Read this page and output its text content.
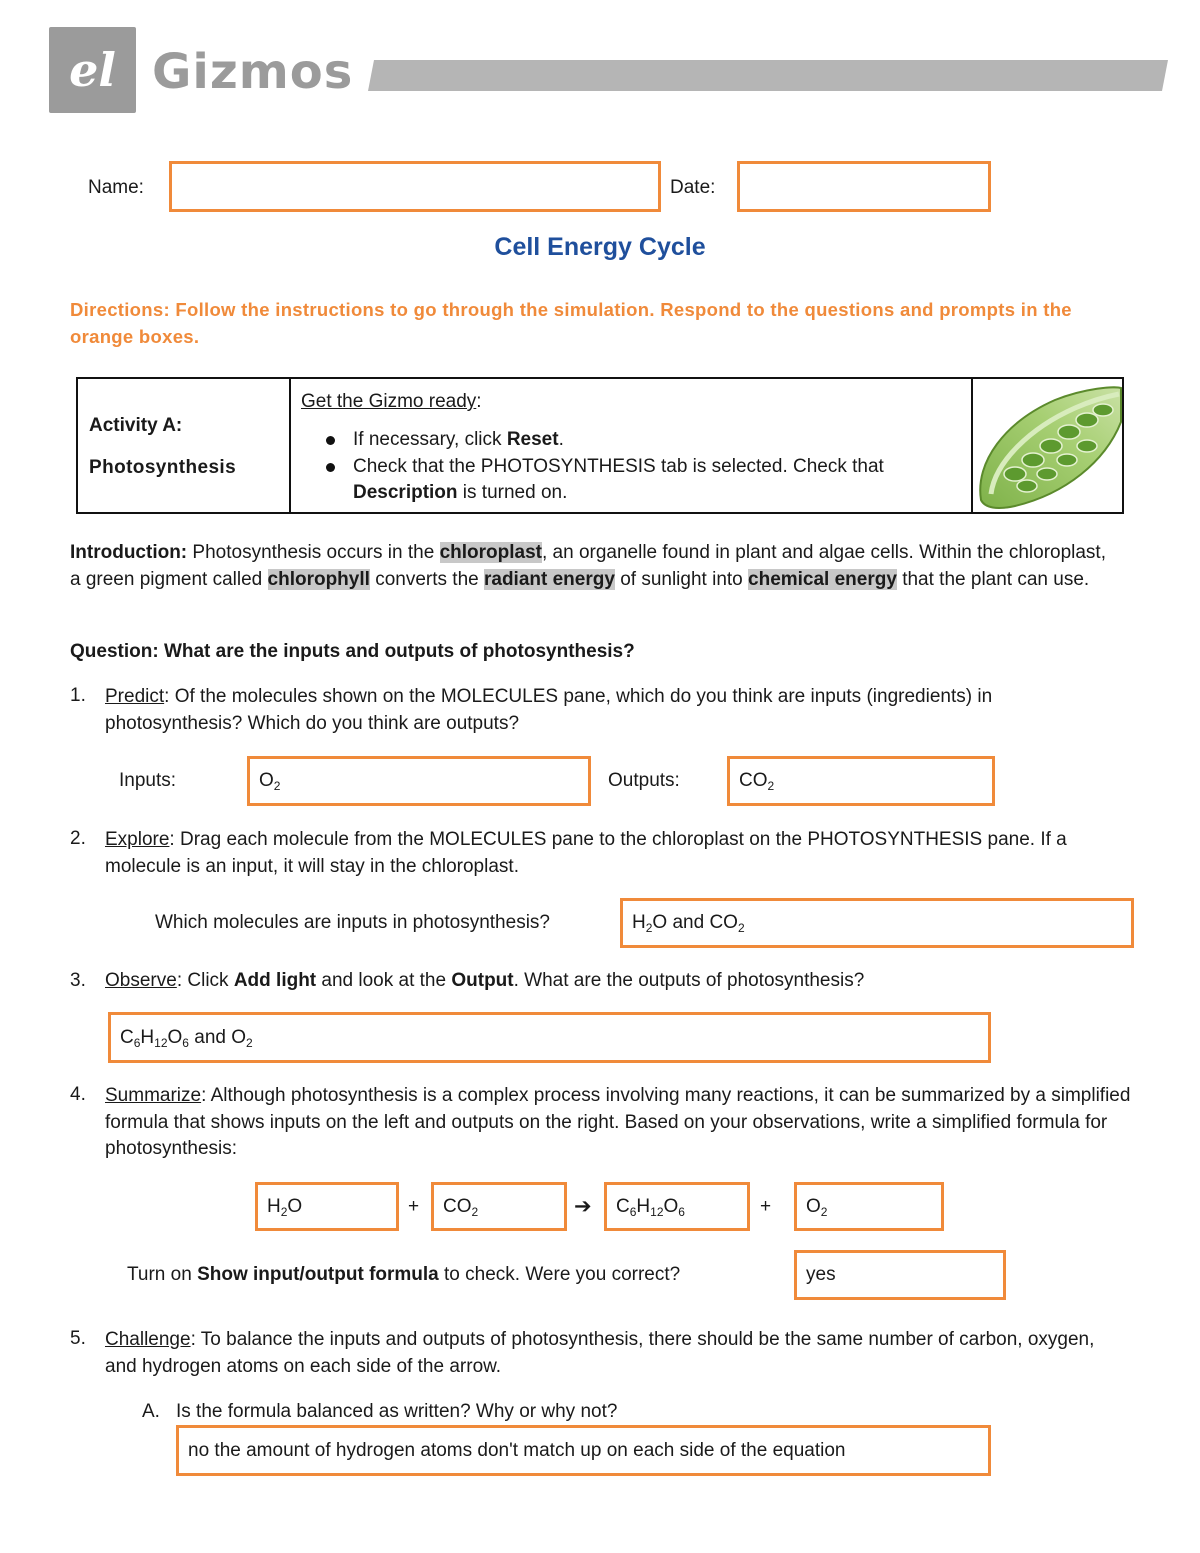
el Gizmos
Name:	Date:
Cell Energy Cycle
Directions: Follow the instructions to go through the simulation. Respond to the questions and prompts in the orange boxes.
Activity A:
Photosynthesis
Get the Gizmo ready:
If necessary, click Reset.
Check that the PHOTOSYNTHESIS tab is selected. Check that
Description is turned on.
Introduction: Photosynthesis occurs in the chloroplast, an organelle found in plant and algae cells. Within the chloroplast, a green pigment called chlorophyll converts the radiant energy of sunlight into chemical energy that the plant can use.
Question: What are the inputs and outputs of photosynthesis?
1. Predict: Of the molecules shown on the MOLECULES pane, which do you think are inputs (ingredients) in photosynthesis? Which do you think are outputs?
Inputs:	$O_2$	Outputs:	$CO_2$
2. Explore: Drag each molecule from the MOLECULES pane to the chloroplast on the PHOTOSYNTHESIS pane. If a molecule is an input, it will stay in the chloroplast.
Which molecules are inputs in photosynthesis?	$H_2O$ and $CO_2$
3. Observe: Click Add light and look at the Output. What are the outputs of photosynthesis?
$C_6H_{12}O_6$ and $O_2$
4. Summarize: Although photosynthesis is a complex process involving many reactions, it can be summarized by a simplified formula that shows inputs on the left and outputs on the right. Based on your observations, write a simplified formula for photosynthesis:
$H_2O$	+ $CO_2$	➔ $C_6H_{12}O_6$	+ $O_2$
Turn on Show input/output formula to check. Were you correct?	yes
5. Challenge: To balance the inputs and outputs of photosynthesis, there should be the same number of carbon, oxygen, and hydrogen atoms on each side of the arrow.
A. Is the formula balanced as written? Why or why not?
no the amount of hydrogen atoms don't match up on each side of the equation
